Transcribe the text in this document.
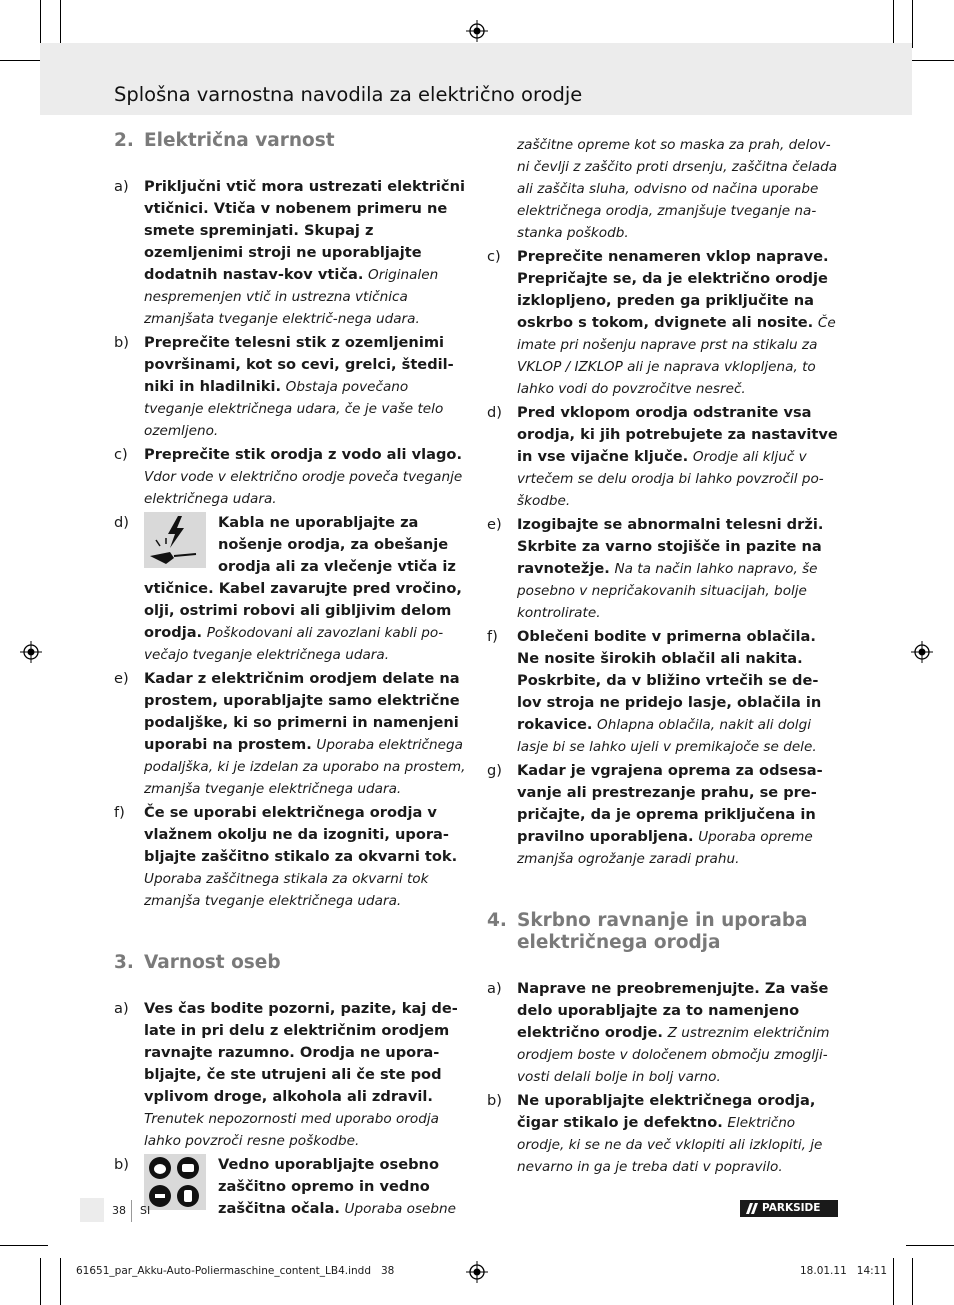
Splošna varnostna navodila za električno orodje
2. Električna varnost
a)	Priključni vtič mora ustrezati električni vtičnici. Vtiča v nobenem primeru ne smete spreminjati. Skupaj z ozemljenimi stroji ne uporabljajte dodatnih nastav-kov vtiča. Originalen nespremenjen vtič in ustrezna vtičnica zmanjšata tveganje električ-nega udara.
b)	Preprečite telesni stik z ozemljenimi površinami, kot so cevi, grelci, štedil-niki in hladilniki. Obstaja povečano tveganje električnega udara, če je vaše telo ozemljeno.
c)	Preprečite stik orodja z vodo ali vlago. Vdor vode v električno orodje poveča tveganje električnega udara.
d)	Kabla ne uporabljajte za nošenje orodja, za obešanje orodja ali za vlečenje vtiča iz vtičnice. Kabel zavarujte pred vročino, olji, ostrimi robovi ali gibljivim delom orodja. Poškodovani ali zavozlani kabli po-večajo tveganje električnega udara.
e)	Kadar z električnim orodjem delate na prostem, uporabljajte samo električne podaljške, ki so primerni in namenjeni uporabi na prostem. Uporaba električnega podaljška, ki je izdelan za uporabo na prostem, zmanjša tveganje električnega udara.
f)	Če se uporabi električnega orodja v vlažnem okolju ne da izogniti, upora-bljajte zaščitno stikalo za okvarni tok. Uporaba zaščitnega stikala za okvarni tok zmanjša tveganje električnega udara.
3. Varnost oseb
a)	Ves čas bodite pozorni, pazite, kaj de-late in pri delu z električnim orodjem ravnajte razumno. Orodja ne upora-bljajte, če ste utrujeni ali če ste pod vplivom droge, alkohola ali zdravil. Trenutek nepozornosti med uporabo orodja lahko povzroči resne poškodbe.
b)	Vedno uporabljajte osebno zaščitno opremo in vedno zaščitna očala. Uporaba osebne
zaščitne opreme kot so maska za prah, delov-ni čevlji z zaščito proti drsenju, zaščitna čelada ali zaščita sluha, odvisno od načina uporabe električnega orodja, zmanjšuje tveganje na-stanka poškodb.
c)	Preprečite nenameren vklop naprave. Prepričajte se, da je električno orodje izklopljeno, preden ga priključite na oskrbo s tokom, dvignete ali nosite. Če imate pri nošenju naprave prst na stikalu za VKLOP / IZKLOP ali je naprava vklopljena, to lahko vodi do povzročitve nesreč.
d)	Pred vklopom orodja odstranite vsa orodja, ki jih potrebujete za nastavitve in vse vijačne ključe. Orodje ali ključ v vrtečem se delu orodja bi lahko povzročil po-škodbe.
e)	Izogibajte se abnormalni telesni drži. Skrbite za varno stojišče in pazite na ravnotežje. Na ta način lahko napravo, še posebno v nepričakovanih situacijah, bolje kontrolirate.
f)	Oblečeni bodite v primerna oblačila. Ne nosite širokih oblačil ali nakita. Poskrbite, da v bližino vrtečih se de-lov stroja ne pridejo lasje, oblačila in rokavice. Ohlapna oblačila, nakit ali dolgi lasje bi se lahko ujeli v premikajoče se dele.
g)	Kadar je vgrajena oprema za odsesa-vanje ali prestrezanje prahu, se pre-pričajte, da je oprema priključena in pravilno uporabljena. Uporaba opreme zmanjša ogrožanje zaradi prahu.
4. Skrbno ravnanje in uporaba električnega orodja
a)	Naprave ne preobremenjujte. Za vaše delo uporabljajte za to namenjeno električno orodje. Z ustreznim električnim orodjem boste v določenem območju zmoglji-vosti delali bolje in bolj varno.
b)	Ne uporabljajte električnega orodja, čigar stikalo je defektno. Električno orodje, ki se ne da več vklopiti ali izklopiti, je nevarno in ga je treba dati v popravilo.
38 SI	PARKSIDE
61651_par_Akku-Auto-Poliermaschine_content_LB4.indd   38	18.01.11   14:11
